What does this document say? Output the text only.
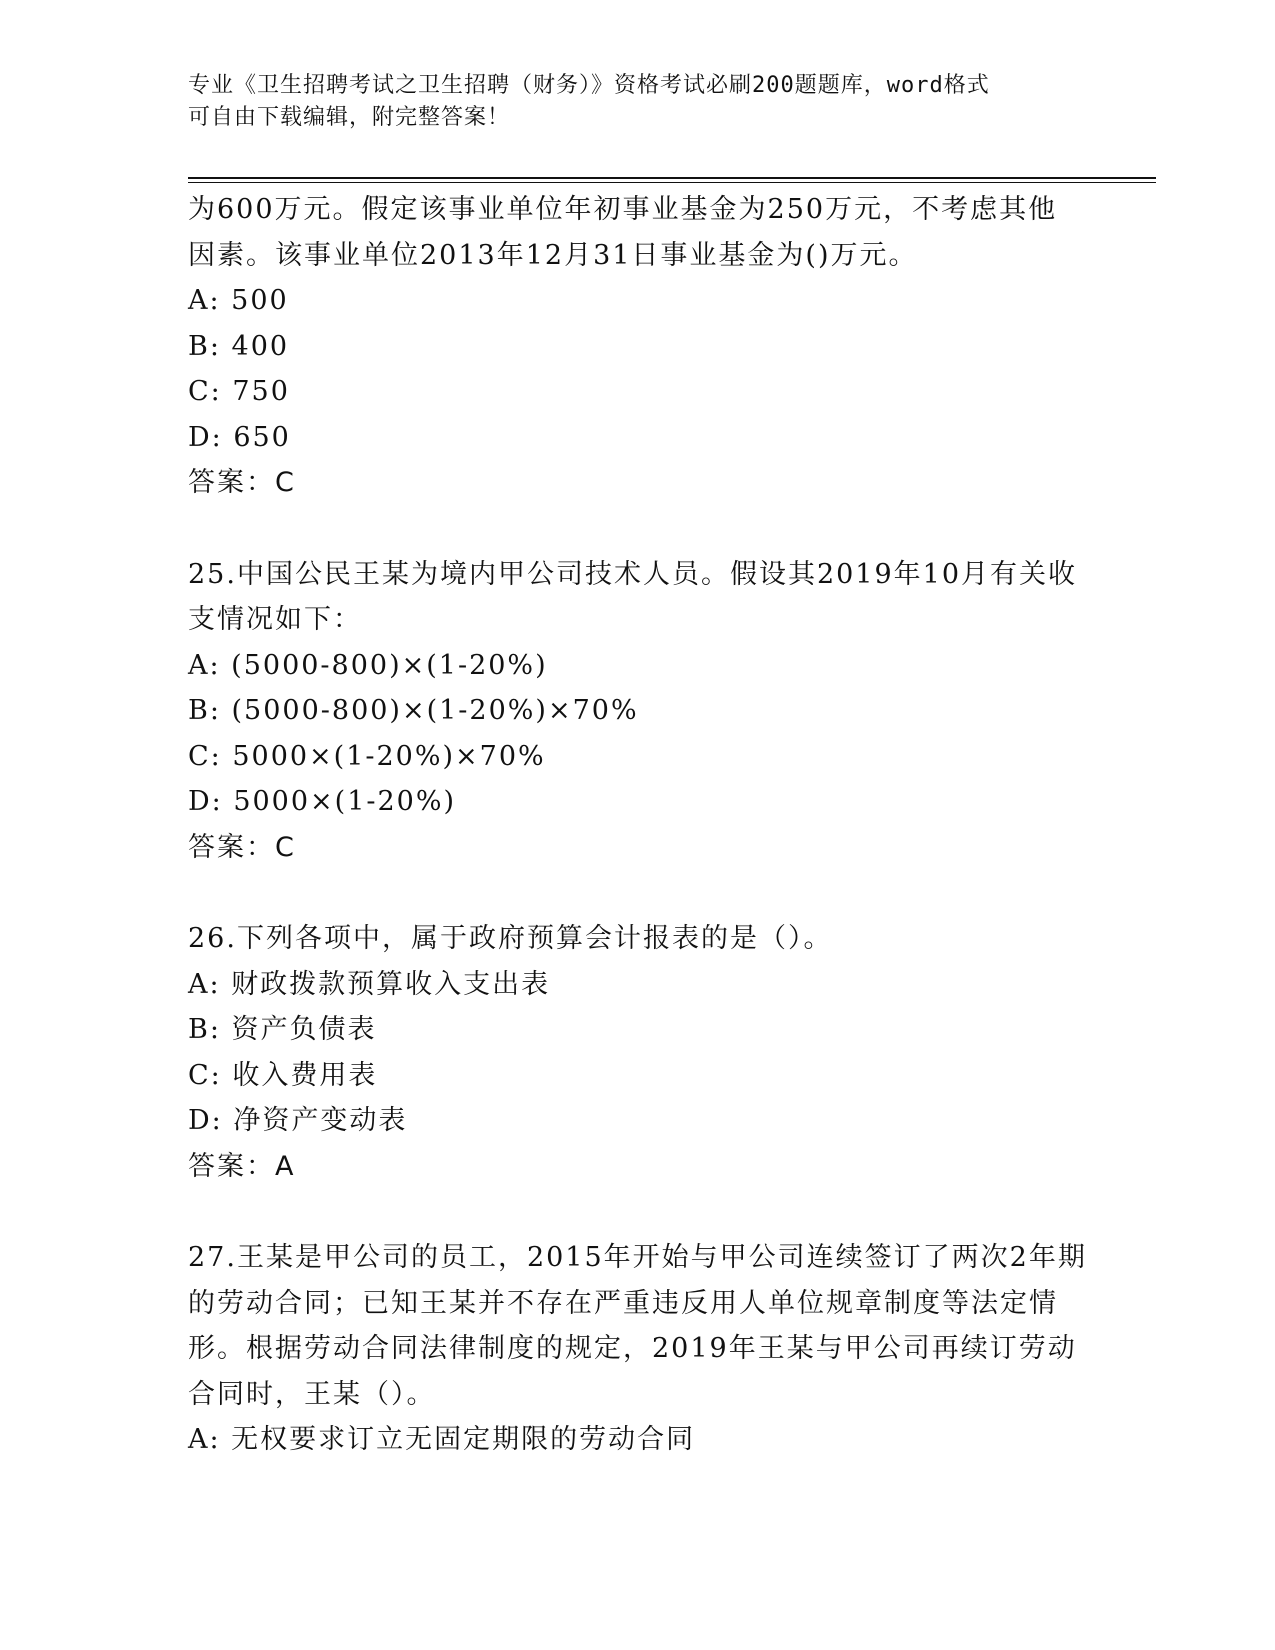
专业《卫生招聘考试之卫生招聘（财务）》资格考试必刷200题题库，word格式
可自由下载编辑，附完整答案！
为600万元。假定该事业单位年初事业基金为250万元，不考虑其他
因素。该事业单位2013年12月31日事业基金为()万元。
A: 500
B: 400
C: 750
D: 650
答案：C
25.中国公民王某为境内甲公司技术人员。假设其2019年10月有关收
支情况如下：
A: (5000-800)×(1-20%)
B: (5000-800)×(1-20%)×70%
C: 5000×(1-20%)×70%
D: 5000×(1-20%)
答案：C
26.下列各项中，属于政府预算会计报表的是（）。
A: 财政拨款预算收入支出表
B: 资产负债表
C: 收入费用表
D: 净资产变动表
答案：A
27.王某是甲公司的员工，2015年开始与甲公司连续签订了两次2年期
的劳动合同；已知王某并不存在严重违反用人单位规章制度等法定情
形。根据劳动合同法律制度的规定，2019年王某与甲公司再续订劳动
合同时，王某（）。
A: 无权要求订立无固定期限的劳动合同
